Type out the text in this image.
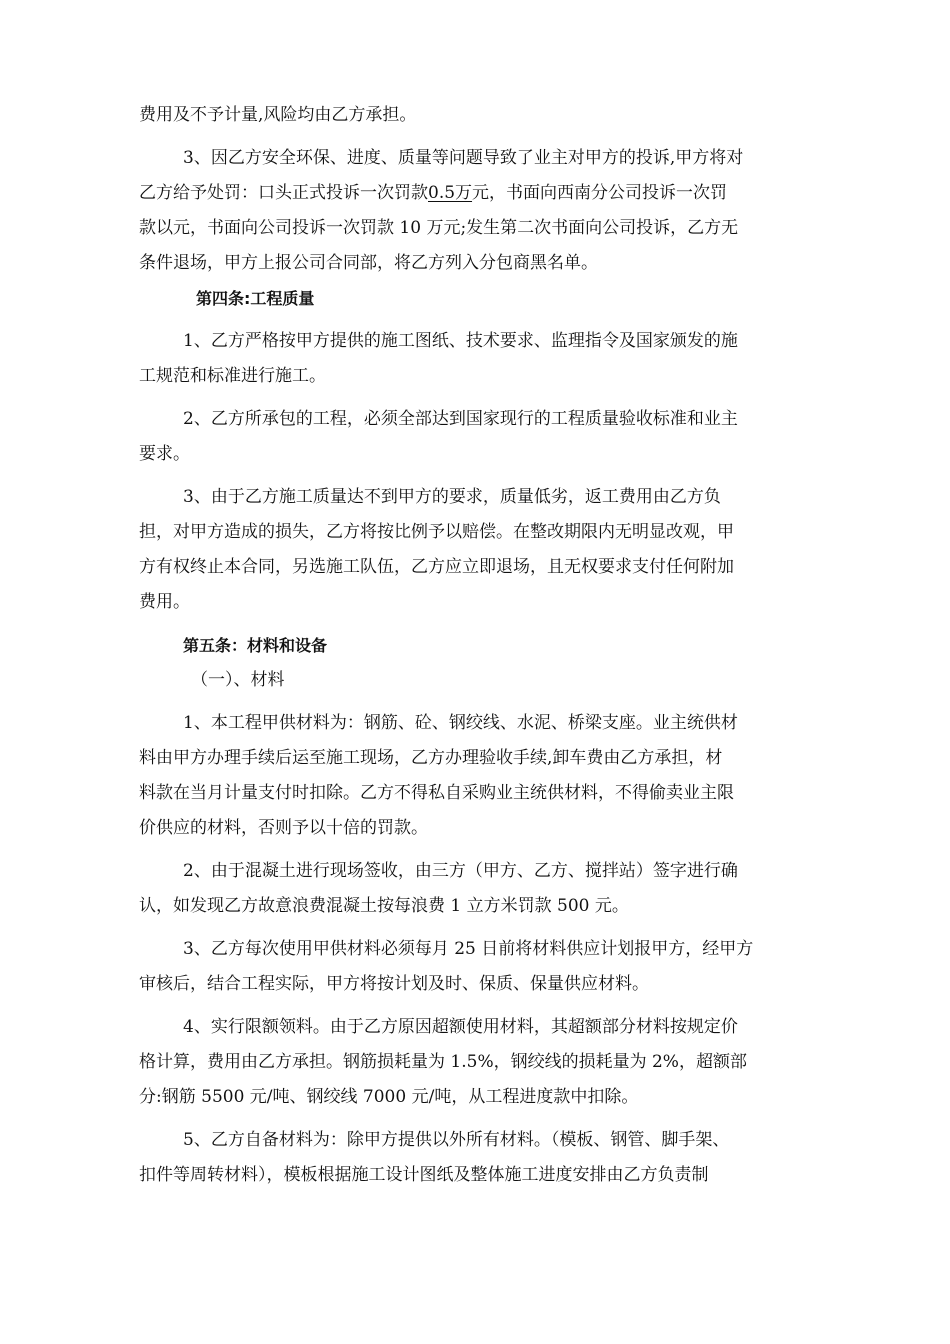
费用及不予计量,风险均由乙方承担。
3、因乙方安全环保、进度、质量等问题导致了业主对甲方的投诉,甲方将对
乙方给予处罚：口头正式投诉一次罚款0.5万元，书面向西南分公司投诉一次罚
款以元，书面向公司投诉一次罚款 10 万元;发生第二次书面向公司投诉，乙方无
条件退场，甲方上报公司合同部，将乙方列入分包商黑名单。
第四条:工程质量
1、乙方严格按甲方提供的施工图纸、技术要求、监理指令及国家颁发的施
工规范和标准进行施工。
2、乙方所承包的工程，必须全部达到国家现行的工程质量验收标准和业主
要求。
3、由于乙方施工质量达不到甲方的要求，质量低劣，返工费用由乙方负
担，对甲方造成的损失，乙方将按比例予以赔偿。在整改期限内无明显改观，甲
方有权终止本合同，另选施工队伍，乙方应立即退场，且无权要求支付任何附加
费用。
第五条：材料和设备
（一）、材料
1、本工程甲供材料为：钢筋、砼、钢绞线、水泥、桥梁支座。业主统供材
料由甲方办理手续后运至施工现场，乙方办理验收手续,卸车费由乙方承担，材
料款在当月计量支付时扣除。乙方不得私自采购业主统供材料，不得偷卖业主限
价供应的材料，否则予以十倍的罚款。
2、由于混凝土进行现场签收，由三方（甲方、乙方、搅拌站）签字进行确
认，如发现乙方故意浪费混凝土按每浪费 1 立方米罚款 500 元。
3、乙方每次使用甲供材料必须每月 25 日前将材料供应计划报甲方，经甲方
审核后，结合工程实际，甲方将按计划及时、保质、保量供应材料。
4、实行限额领料。由于乙方原因超额使用材料，其超额部分材料按规定价
格计算，费用由乙方承担。钢筋损耗量为 1.5%，钢绞线的损耗量为 2%，超额部
分:钢筋 5500 元/吨、钢绞线 7000 元/吨，从工程进度款中扣除。
5、乙方自备材料为：除甲方提供以外所有材料。（模板、钢管、脚手架、
扣件等周转材料），模板根据施工设计图纸及整体施工进度安排由乙方负责制
